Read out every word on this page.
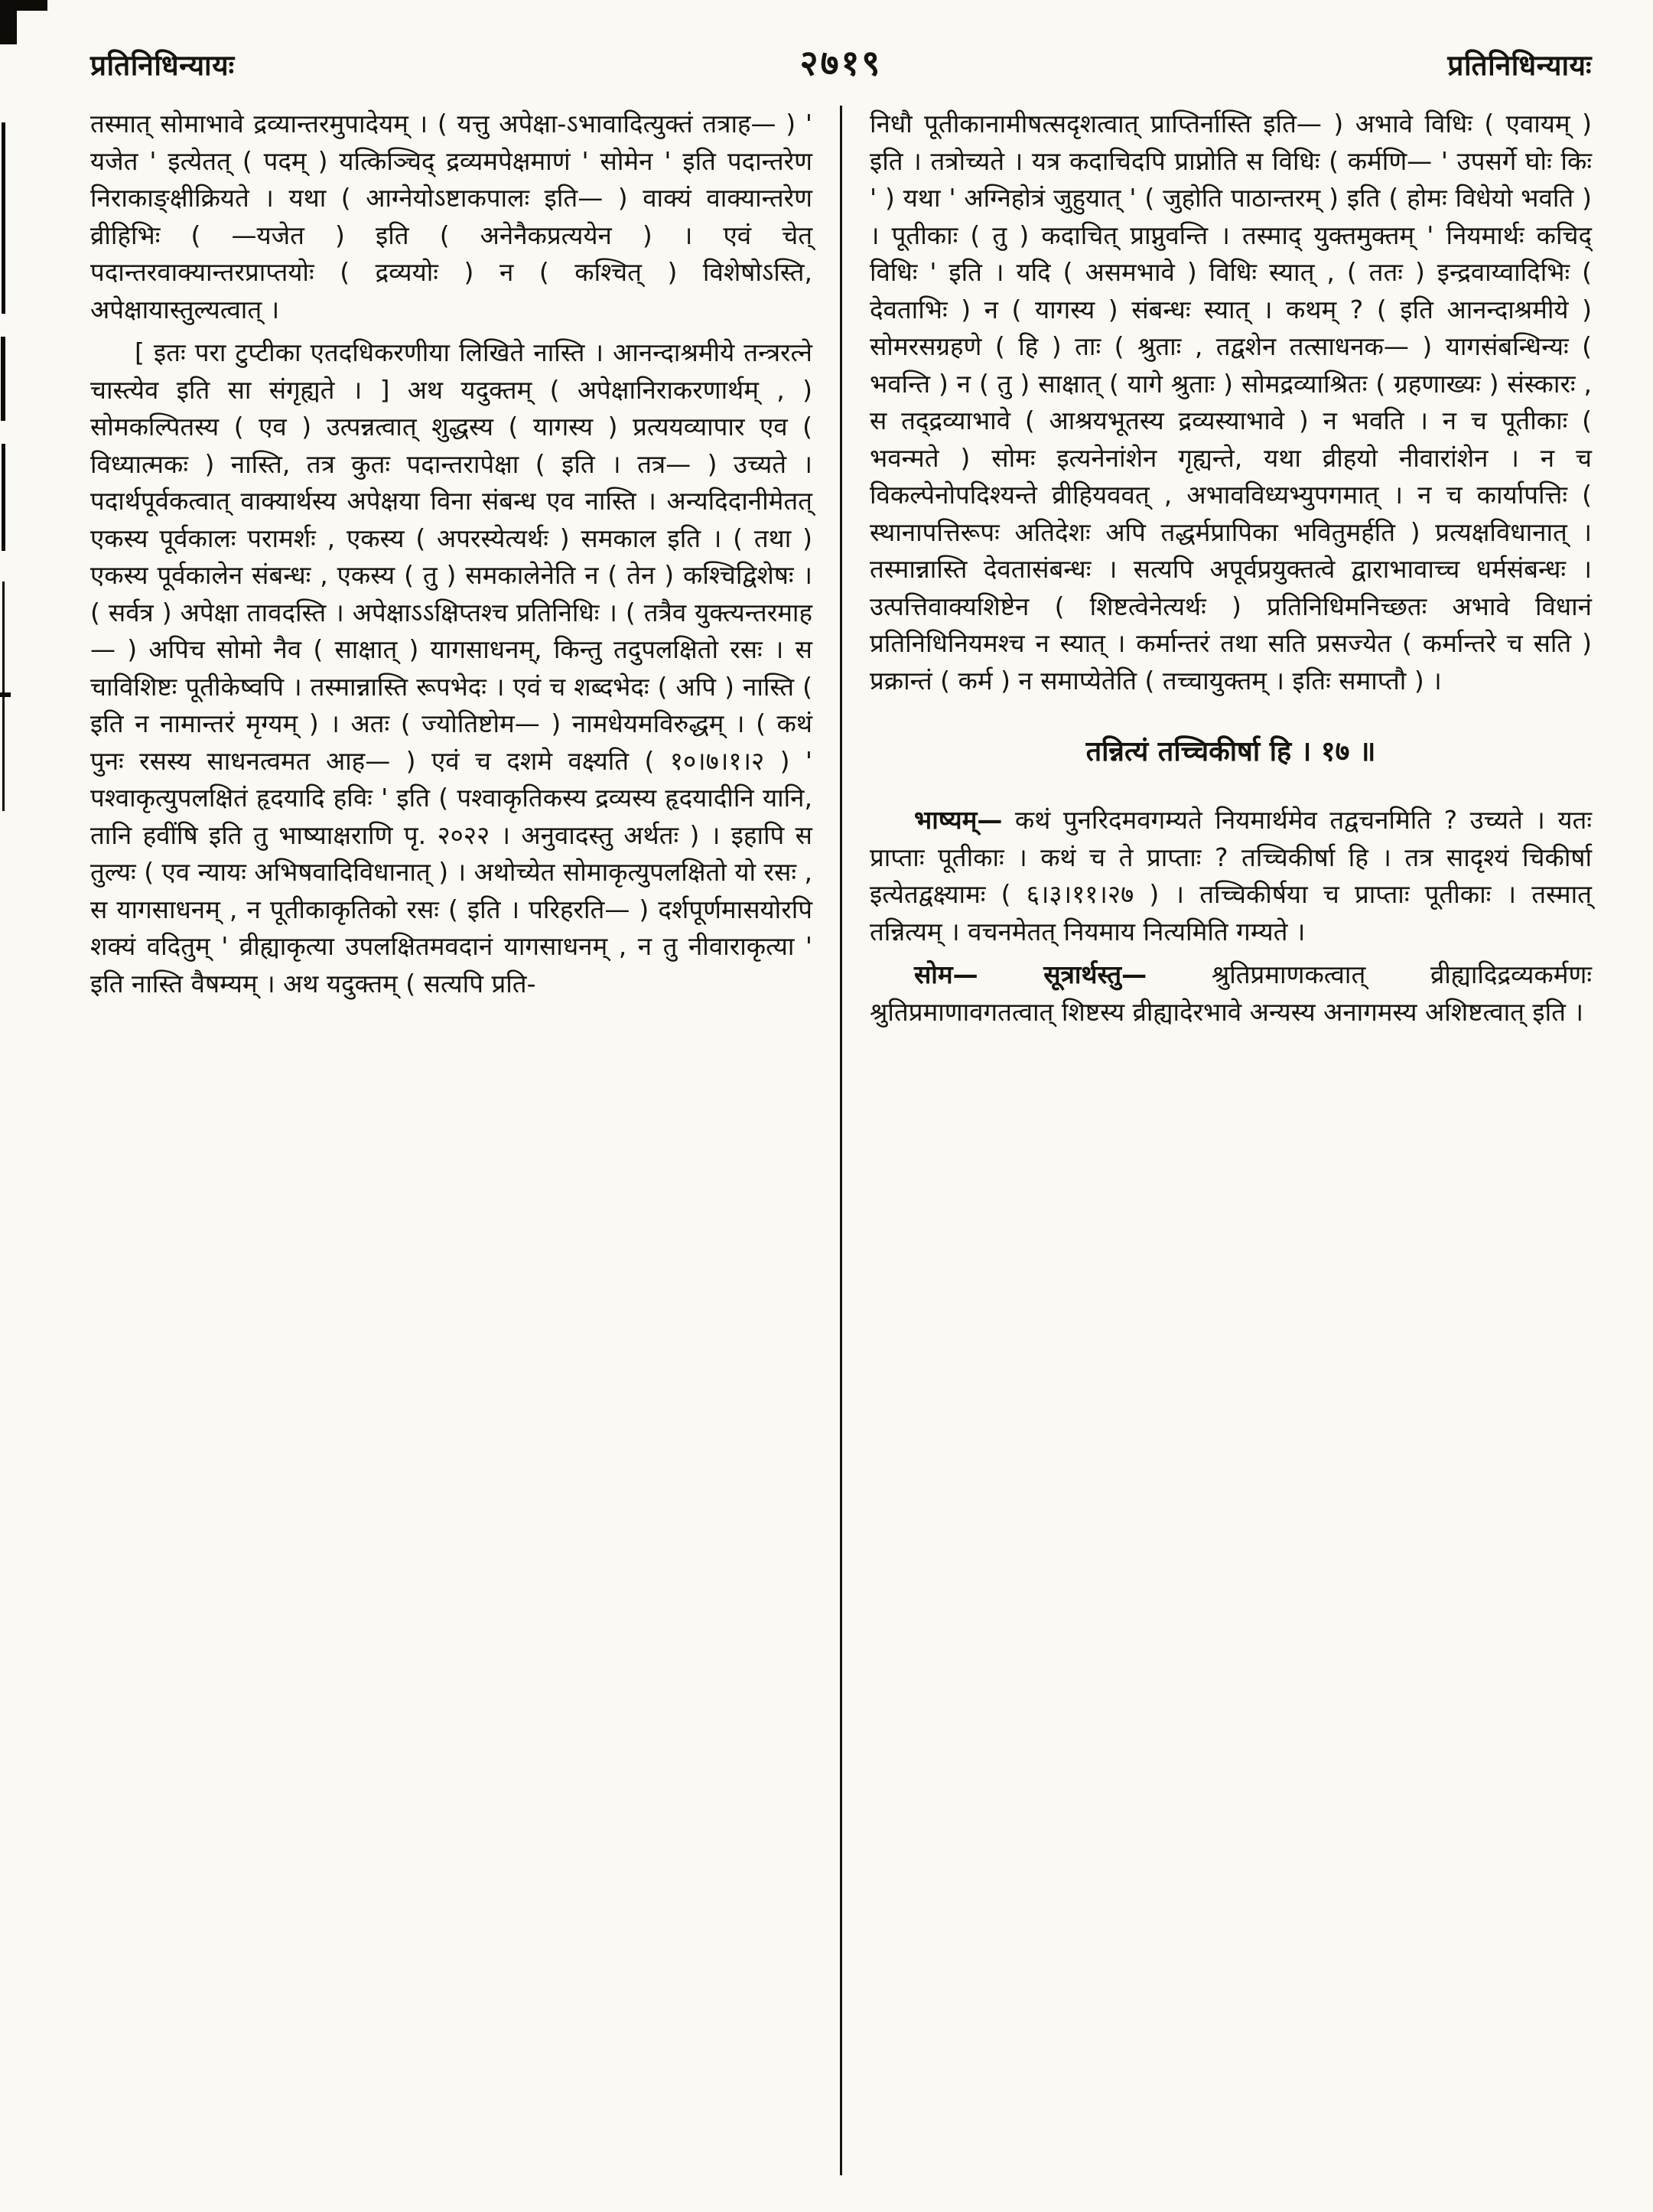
प्रतिनिधिन्यायः	२७१९	प्रतिनिधिन्यायः

तस्मात् सोमाभावे द्रव्यान्तरमुपादेयम् । ( यत्तु अपेक्षा-ऽभावादित्युक्तं तत्राह— ) ' यजेत ' इत्येतत् ( पदम् ) यत्किञ्चिद् द्रव्यमपेक्षमाणं ' सोमेन ' इति पदान्तरेण निराकाङ्क्षीक्रियते । यथा ( आग्नेयोऽष्टाकपालः इति— ) वाक्यं वाक्यान्तरेण व्रीहिभिः ( —यजेत ) इति ( अनेनैकप्रत्ययेन ) । एवं चेत् पदान्तरवाक्यान्तरप्राप्तयोः ( द्रव्ययोः ) न ( कश्चित् ) विशेषोऽस्ति, अपेक्षायास्तुल्यत्वात् ।

[ इतः परा टुप्टीका एतदधिकरणीया लिखिते नास्ति । आनन्दाश्रमीये तन्त्ररत्ने चास्त्येव इति सा संगृह्यते । ] अथ यदुक्तम् ( अपेक्षानिराकरणार्थम् , ) सोमकल्पितस्य ( एव ) उत्पन्नत्वात् शुद्धस्य ( यागस्य ) प्रत्ययव्यापार एव ( विध्यात्मकः ) नास्ति, तत्र कुतः पदान्तरापेक्षा ( इति । तत्र— ) उच्यते । पदार्थपूर्वकत्वात् वाक्यार्थस्य अपेक्षया विना संबन्ध एव नास्ति । अन्यदिदानीमेतत् एकस्य पूर्वकालः परामर्शः , एकस्य ( अपरस्येत्यर्थः ) समकाल इति । ( तथा ) एकस्य पूर्वकालेन संबन्धः , एकस्य ( तु ) समकालेनेति न ( तेन ) कश्चिद्विशेषः । ( सर्वत्र ) अपेक्षा तावदस्ति । अपेक्षाऽऽक्षिप्तश्च प्रतिनिधिः । ( तत्रैव युक्त्यन्तरमाह— ) अपिच सोमो नैव ( साक्षात् ) यागसाधनम्, किन्तु तदुपलक्षितो रसः । स चाविशिष्टः पूतीकेष्वपि । तस्मान्नास्ति रूपभेदः । एवं च शब्दभेदः ( अपि ) नास्ति ( इति न नामान्तरं मृग्यम् ) । अतः ( ज्योतिष्टोम— ) नामधेयमविरुद्धम् । ( कथं पुनः रसस्य साधनत्वमत आह— ) एवं च दशमे वक्ष्यति ( १०।७।१।२ ) ' पश्वाकृत्युपलक्षितं हृदयादि हविः ' इति ( पश्वाकृतिकस्य द्रव्यस्य हृदयादीनि यानि, तानि हवींषि इति तु भाष्याक्षराणि पृ. २०२२ । अनुवादस्तु अर्थतः ) । इहापि स तुल्यः ( एव न्यायः अभिषवादिविधानात् ) । अथोच्येत सोमाकृत्युपलक्षितो यो रसः , स यागसाधनम् , न पूतीकाकृतिको रसः ( इति । परिहरति— ) दर्शपूर्णमासयोरपि शक्यं वदितुम् ' व्रीह्याकृत्या उपलक्षितमवदानं यागसाधनम् , न तु नीवाराकृत्या ' इति नास्ति वैषम्यम् । अथ यदुक्तम् ( सत्यपि प्रति-

निधौ पूतीकानामीषत्सदृशत्वात् प्राप्तिर्नास्ति इति— ) अभावे विधिः ( एवायम् ) इति । तत्रोच्यते । यत्र कदाचिदपि प्राप्नोति स विधिः ( कर्मणि— ' उपसर्गे घोः किः ' ) यथा ' अग्निहोत्रं जुहुयात् ' ( जुहोति पाठान्तरम् ) इति ( होमः विधेयो भवति ) । पूतीकाः ( तु ) कदाचित् प्राप्नुवन्ति । तस्माद् युक्तमुक्तम् ' नियमार्थः कचिद् विधिः ' इति । यदि ( असमभावे ) विधिः स्यात् , ( ततः ) इन्द्रवाय्वादिभिः ( देवताभिः ) न ( यागस्य ) संबन्धः स्यात् । कथम् ? ( इति आनन्दाश्रमीये ) सोमरसग्रहणे ( हि ) ताः ( श्रुताः , तद्वशेन तत्साधनक— ) यागसंबन्धिन्यः ( भवन्ति ) न ( तु ) साक्षात् ( यागे श्रुताः ) सोमद्रव्याश्रितः ( ग्रहणाख्यः ) संस्कारः , स तद्द्रव्याभावे ( आश्रयभूतस्य द्रव्यस्याभावे ) न भवति । न च पूतीकाः ( भवन्मते ) सोमः इत्यनेनांशेन गृह्यन्ते, यथा व्रीहयो नीवारांशेन । न च विकल्पेनोपदिश्यन्ते व्रीहियववत् , अभावविध्यभ्युपगमात् । न च कार्यापत्तिः ( स्थानापत्तिरूपः अतिदेशः अपि तद्धर्मप्रापिका भवितुमर्हति ) प्रत्यक्षविधानात् । तस्मान्नास्ति देवतासंबन्धः । सत्यपि अपूर्वप्रयुक्तत्वे द्वाराभावाच्च धर्मसंबन्धः । उत्पत्तिवाक्यशिष्टेन ( शिष्टत्वेनेत्यर्थः ) प्रतिनिधिमनिच्छतः अभावे विधानं प्रतिनिधिनियमश्च न स्यात् । कर्मान्तरं तथा सति प्रसज्येत ( कर्मान्तरे च सति ) प्रक्रान्तं ( कर्म ) न समाप्येतेति ( तच्चायुक्तम् । इतिः समाप्तौ ) ।

तन्नित्यं तच्चिकीर्षा हि । १७ ॥

भाष्यम्— कथं पुनरिदमवगम्यते नियमार्थमेव तद्वचनमिति ? उच्यते । यतः प्राप्ताः पूतीकाः । कथं च ते प्राप्ताः ? तच्चिकीर्षा हि । तत्र सादृश्यं चिकीर्षा इत्येतद्वक्ष्यामः ( ६।३।११।२७ ) । तच्चिकीर्षया च प्राप्ताः पूतीकाः । तस्मात् तन्नित्यम् । वचनमेतत् नियमाय नित्यमिति गम्यते ।

सोम— सूत्रार्थस्तु—	श्रुतिप्रमाणकत्वात् व्रीह्यादिद्रव्यकर्मणः श्रुतिप्रमाणावगतत्वात् शिष्टस्य व्रीह्यादेरभावे अन्यस्य अनागमस्य अशिष्टत्वात् इति ।
